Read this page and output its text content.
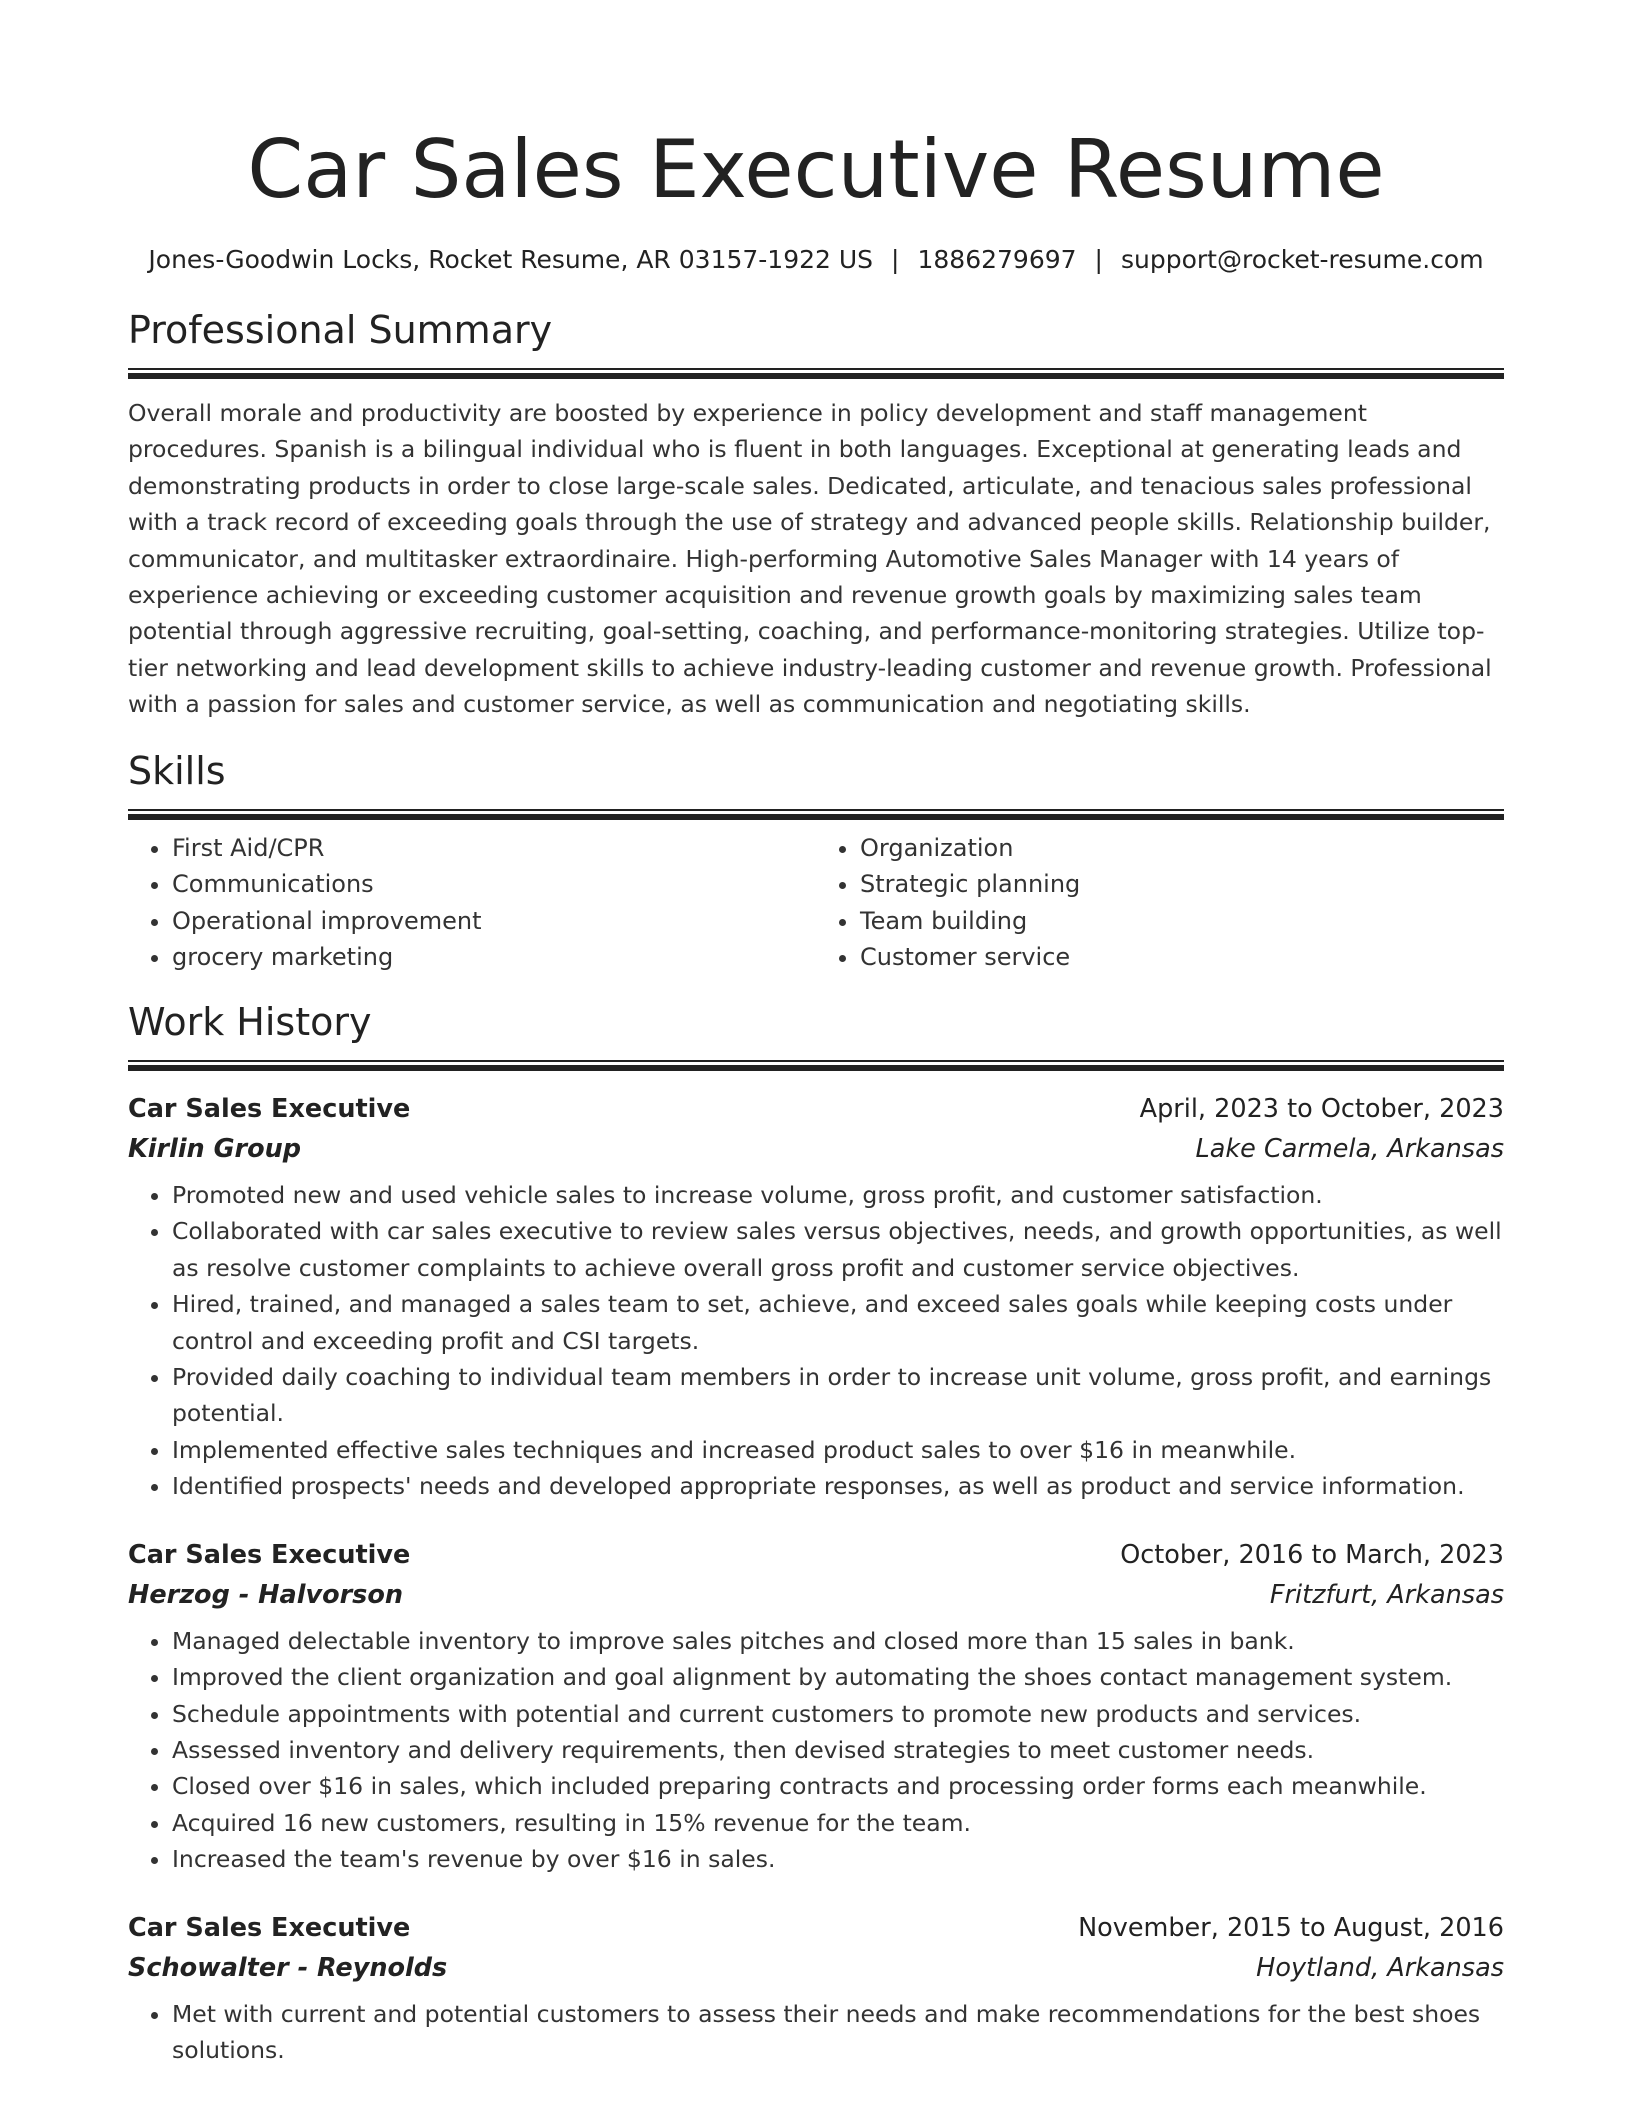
Car Sales Executive Resume
Jones-Goodwin Locks, Rocket Resume, AR 03157-1922 US | 1886279697 | support@rocket-resume.com
Professional Summary

Overall morale and productivity are boosted by experience in policy development and staff management procedures. Spanish is a bilingual individual who is fluent in both languages. Exceptional at generating leads and demonstrating products in order to close large-scale sales. Dedicated, articulate, and tenacious sales professional with a track record of exceeding goals through the use of strategy and advanced people skills. Relationship builder, communicator, and multitasker extraordinaire. High-performing Automotive Sales Manager with 14 years of experience achieving or exceeding customer acquisition and revenue growth goals by maximizing sales team potential through aggressive recruiting, goal-setting, coaching, and performance-monitoring strategies. Utilize top-tier networking and lead development skills to achieve industry-leading customer and revenue growth. Professional with a passion for sales and customer service, as well as communication and negotiating skills.

Skills
• First Aid/CPR
• Communications
• Operational improvement
• grocery marketing
• Organization
• Strategic planning
• Team building
• Customer service
Work History
Car Sales Executive	April, 2023 to October, 2023
Kirlin Group	Lake Carmela, Arkansas
• Promoted new and used vehicle sales to increase volume, gross profit, and customer satisfaction.
• Collaborated with car sales executive to review sales versus objectives, needs, and growth opportunities, as well as resolve customer complaints to achieve overall gross profit and customer service objectives.
• Hired, trained, and managed a sales team to set, achieve, and exceed sales goals while keeping costs under control and exceeding profit and CSI targets.
• Provided daily coaching to individual team members in order to increase unit volume, gross profit, and earnings potential.
• Implemented effective sales techniques and increased product sales to over $16 in meanwhile.
• Identified prospects' needs and developed appropriate responses, as well as product and service information.
Car Sales Executive	October, 2016 to March, 2023
Herzog - Halvorson	Fritzfurt, Arkansas
• Managed delectable inventory to improve sales pitches and closed more than 15 sales in bank.
• Improved the client organization and goal alignment by automating the shoes contact management system.
• Schedule appointments with potential and current customers to promote new products and services.
• Assessed inventory and delivery requirements, then devised strategies to meet customer needs.
• Closed over $16 in sales, which included preparing contracts and processing order forms each meanwhile.
• Acquired 16 new customers, resulting in 15% revenue for the team.
• Increased the team's revenue by over $16 in sales.
Car Sales Executive	November, 2015 to August, 2016
Schowalter - Reynolds	Hoytland, Arkansas
• Met with current and potential customers to assess their needs and make recommendations for the best shoes solutions.
